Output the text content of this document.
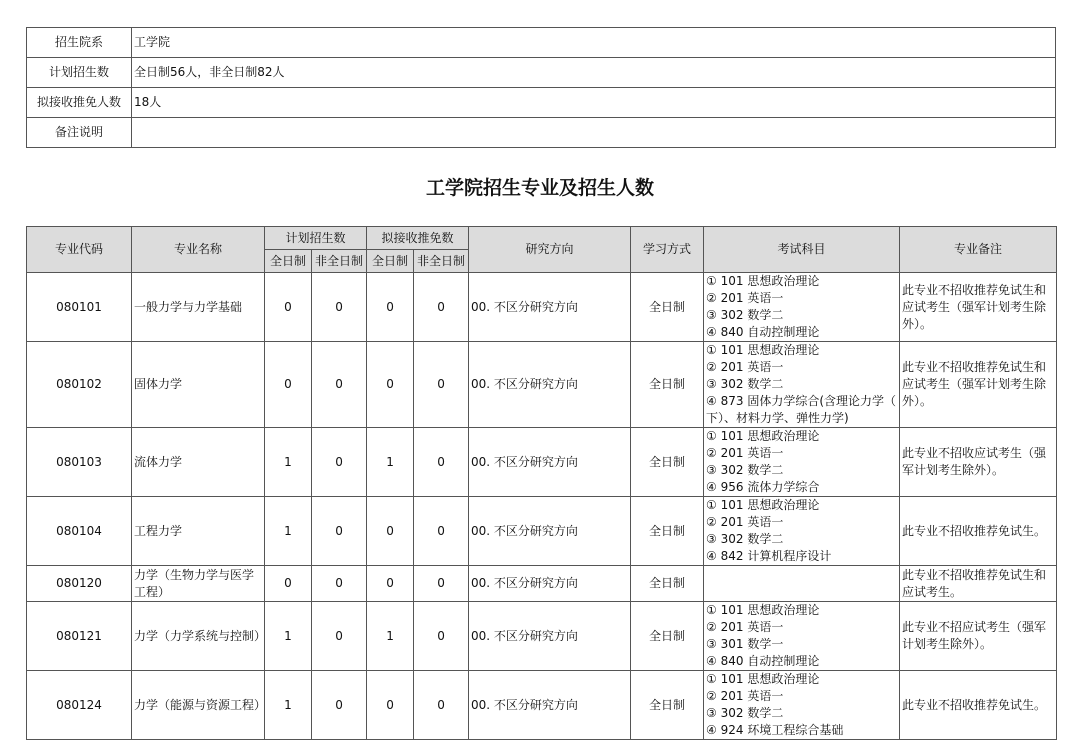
招生院系	工学院
计划招生数	全日制56人，非全日制82人
拟接收推免人数	18人
备注说明	
工学院招生专业及招生人数
专业代码	专业名称	计划招生数		拟接收推免数		研究方向	学习方式	考试科目	专业备注
		全日制	非全日制	全日制	非全日制				
080101	一般力学与力学基础	0	0	0	0	00. 不区分研究方向	全日制	① 101 思想政治理论
② 201 英语一
③ 302 数学二
④ 840 自动控制理论	此专业不招收推荐免试生和应试考生（强军计划考生除外）。
080102	固体力学	0	0	0	0	00. 不区分研究方向	全日制	① 101 思想政治理论
② 201 英语一
③ 302 数学二
④ 873 固体力学综合(含理论力学（
下）、材料力学、弹性力学)	此专业不招收推荐免试生和应试考生（强军计划考生除外）。
080103	流体力学	1	0	1	0	00. 不区分研究方向	全日制	① 101 思想政治理论
② 201 英语一
③ 302 数学二
④ 956 流体力学综合	此专业不招收应试考生（强军计划考生除外）。
080104	工程力学	1	0	0	0	00. 不区分研究方向	全日制	① 101 思想政治理论
② 201 英语一
③ 302 数学二
④ 842 计算机程序设计	此专业不招收推荐免试生。
080120	力学（生物力学与医学工程）	0	0	0	0	00. 不区分研究方向	全日制		此专业不招收推荐免试生和应试考生。
080121	力学（力学系统与控制）	1	0	1	0	00. 不区分研究方向	全日制	① 101 思想政治理论
② 201 英语一
③ 301 数学一
④ 840 自动控制理论	此专业不招应试考生（强军计划考生除外）。
080124	力学（能源与资源工程）	1	0	0	0	00. 不区分研究方向	全日制	① 101 思想政治理论
② 201 英语一
③ 302 数学二
④ 924 环境工程综合基础	此专业不招收推荐免试生。
